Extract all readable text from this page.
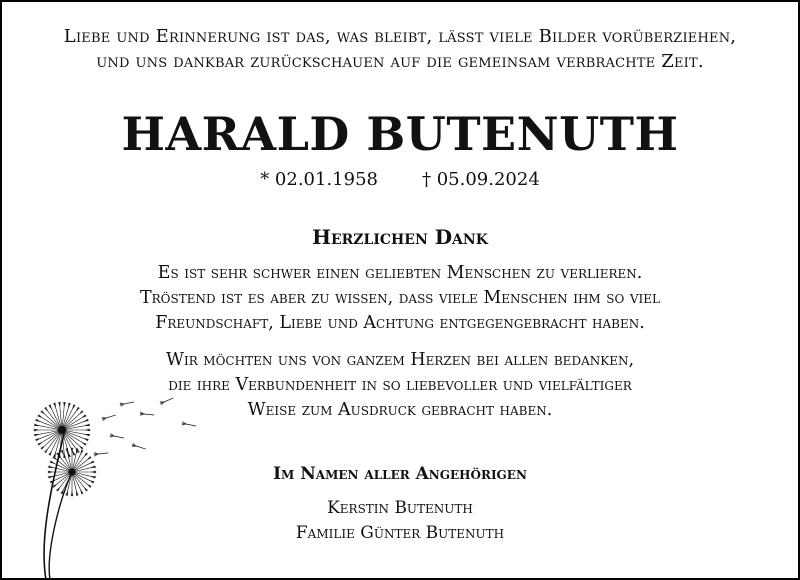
Liebe und Erinnerung ist das, was bleibt, lässt viele Bilder vorüberziehen,
und uns dankbar zurückschauen auf die gemeinsam verbrachte Zeit.
HARALD BUTENUTH
* 02.01.1958 † 05.09.2024
Herzlichen Dank
Es ist sehr schwer einen geliebten Menschen zu verlieren.
Tröstend ist es aber zu wissen, dass viele Menschen ihm so viel
Freundschaft, Liebe und Achtung entgegengebracht haben.
Wir möchten uns von ganzem Herzen bei allen bedanken,
die ihre Verbundenheit in so liebevoller und vielfältiger
Weise zum Ausdruck gebracht haben.
Im Namen aller Angehörigen
Kerstin Butenuth
Familie Günter Butenuth
